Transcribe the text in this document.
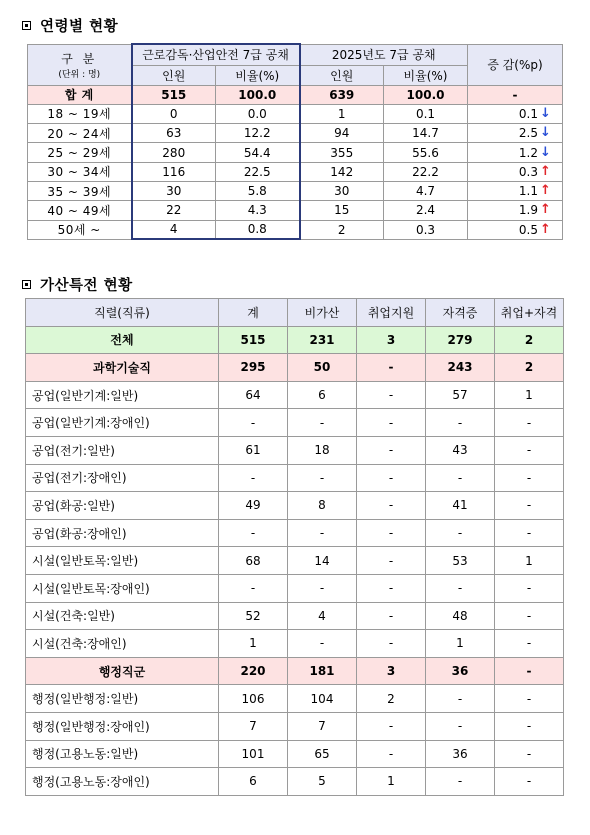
연령별 현황
구 분
(단위 : 명)	근로감독·산업안전 7급 공채		2025년도 7급 공채		증 감(%p)
	인원	비율(%)	인원	비율(%)	
합 계	515	100.0	639	100.0	-
18 ~ 19세	0	0.0	1	0.1	0.1 ↓

20 ~ 24세	63	12.2	94	14.7	2.5 ↓

25 ~ 29세	280	54.4	355	55.6	1.2 ↓

30 ~ 34세	116	22.5	142	22.2	0.3 ↑

35 ~ 39세	30	5.8	30	4.7	1.1 ↑

40 ~ 49세	22	4.3	15	2.4	1.9 ↑

50세 ~	4	0.8	2	0.3	0.5 ↑
가산특전 현황
직렬(직류)	계	비가산	취업지원	자격증	취업+자격
전체	515	231	3	279	2
과학기술직	295	50	-	243	2
공업(일반기계:일반)	64	6	-	57	1
공업(일반기계:장애인)	-	-	-	-	-
공업(전기:일반)	61	18	-	43	-
공업(전기:장애인)	-	-	-	-	-
공업(화공:일반)	49	8	-	41	-
공업(화공:장애인)	-	-	-	-	-
시설(일반토목:일반)	68	14	-	53	1
시설(일반토목:장애인)	-	-	-	-	-
시설(건축:일반)	52	4	-	48	-
시설(건축:장애인)	1	-	-	1	-
행정직군	220	181	3	36	-
행정(일반행정:일반)	106	104	2	-	-
행정(일반행정:장애인)	7	7	-	-	-
행정(고용노동:일반)	101	65	-	36	-
행정(고용노동:장애인)	6	5	1	-	-
